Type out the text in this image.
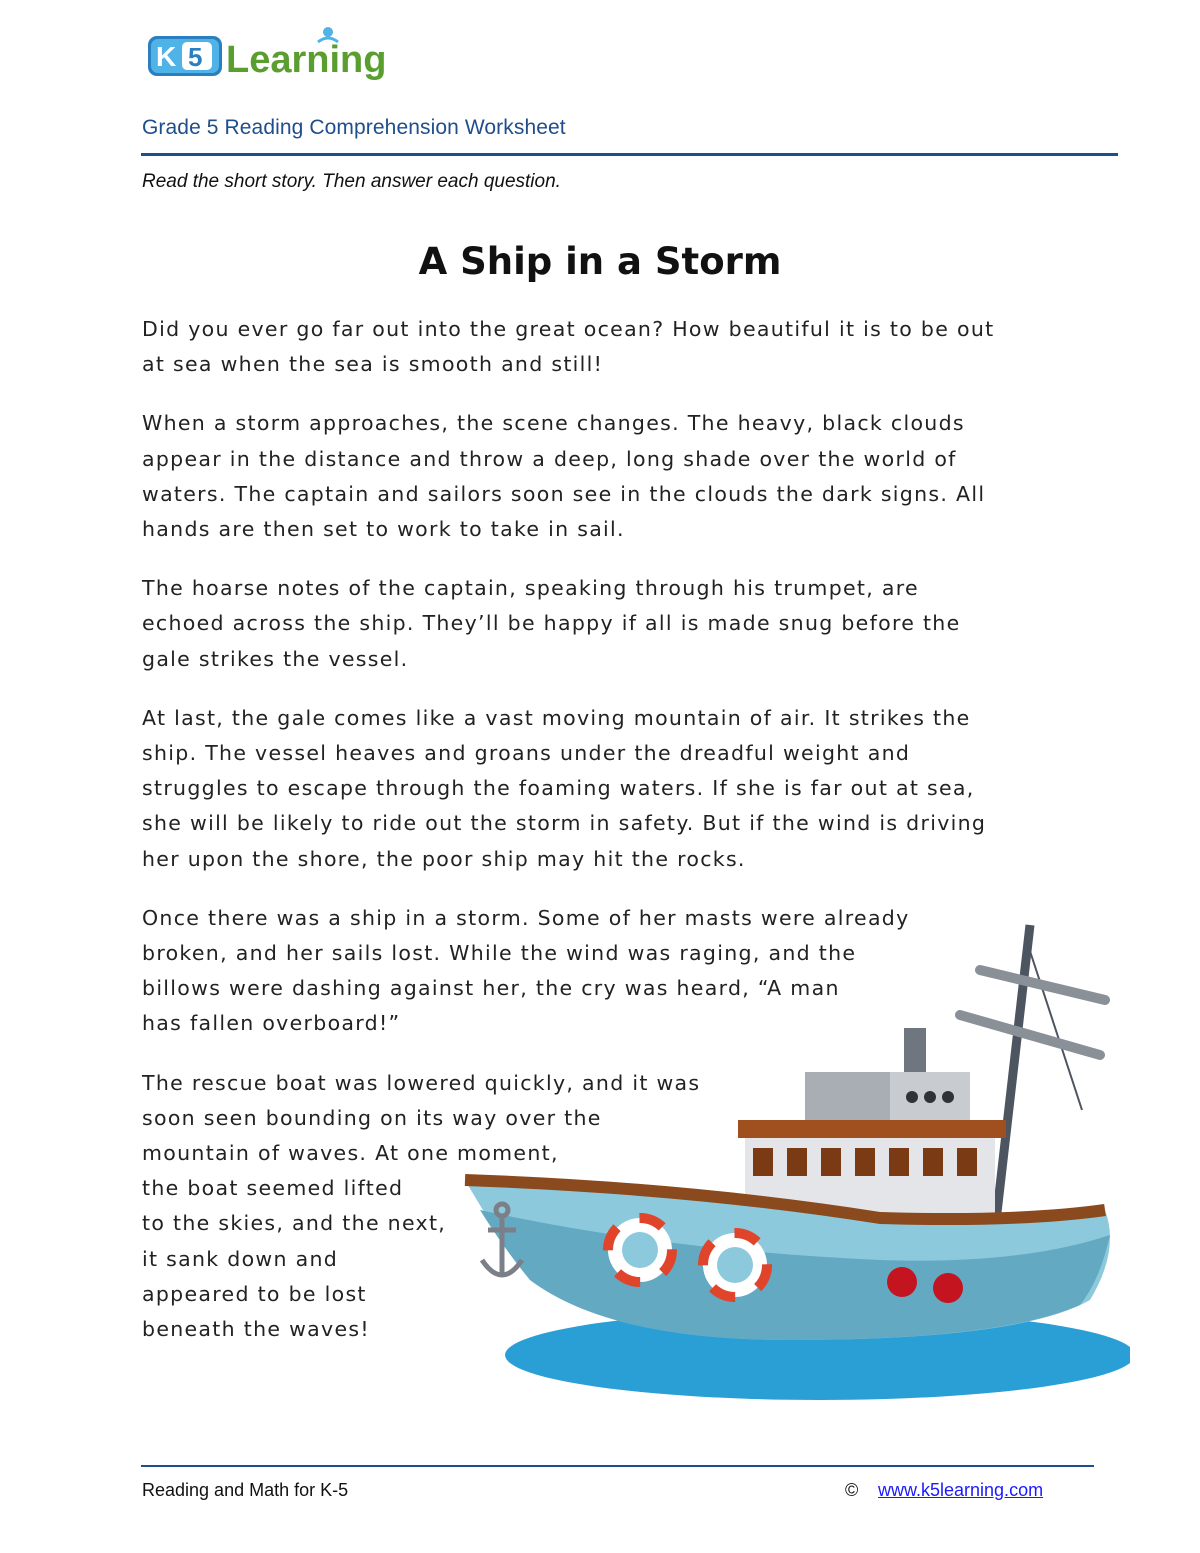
K 5 Learning
Grade 5 Reading Comprehension Worksheet
Read the short story. Then answer each question.
A Ship in a Storm

Did you ever go far out into the great ocean? How beautiful it is to be out
at sea when the sea is smooth and still!

When a storm approaches, the scene changes. The heavy, black clouds
appear in the distance and throw a deep, long shade over the world of
waters. The captain and sailors soon see in the clouds the dark signs. All
hands are then set to work to take in sail.

The hoarse notes of the captain, speaking through his trumpet, are
echoed across the ship. They’ll be happy if all is made snug before the
gale strikes the vessel.

At last, the gale comes like a vast moving mountain of air. It strikes the
ship. The vessel heaves and groans under the dreadful weight and
struggles to escape through the foaming waters. If she is far out at sea,
she will be likely to ride out the storm in safety. But if the wind is driving
her upon the shore, the poor ship may hit the rocks.

Once there was a ship in a storm. Some of her masts were already
broken, and her sails lost. While the wind was raging, and the
billows were dashing against her, the cry was heard, “A man
has fallen overboard!”

The rescue boat was lowered quickly, and it was
soon seen bounding on its way over the
mountain of waves. At one moment,
the boat seemed lifted
to the skies, and the next,
it sank down and
appeared to be lost
beneath the waves!

Reading and Math for K-5	© www.k5learning.com
